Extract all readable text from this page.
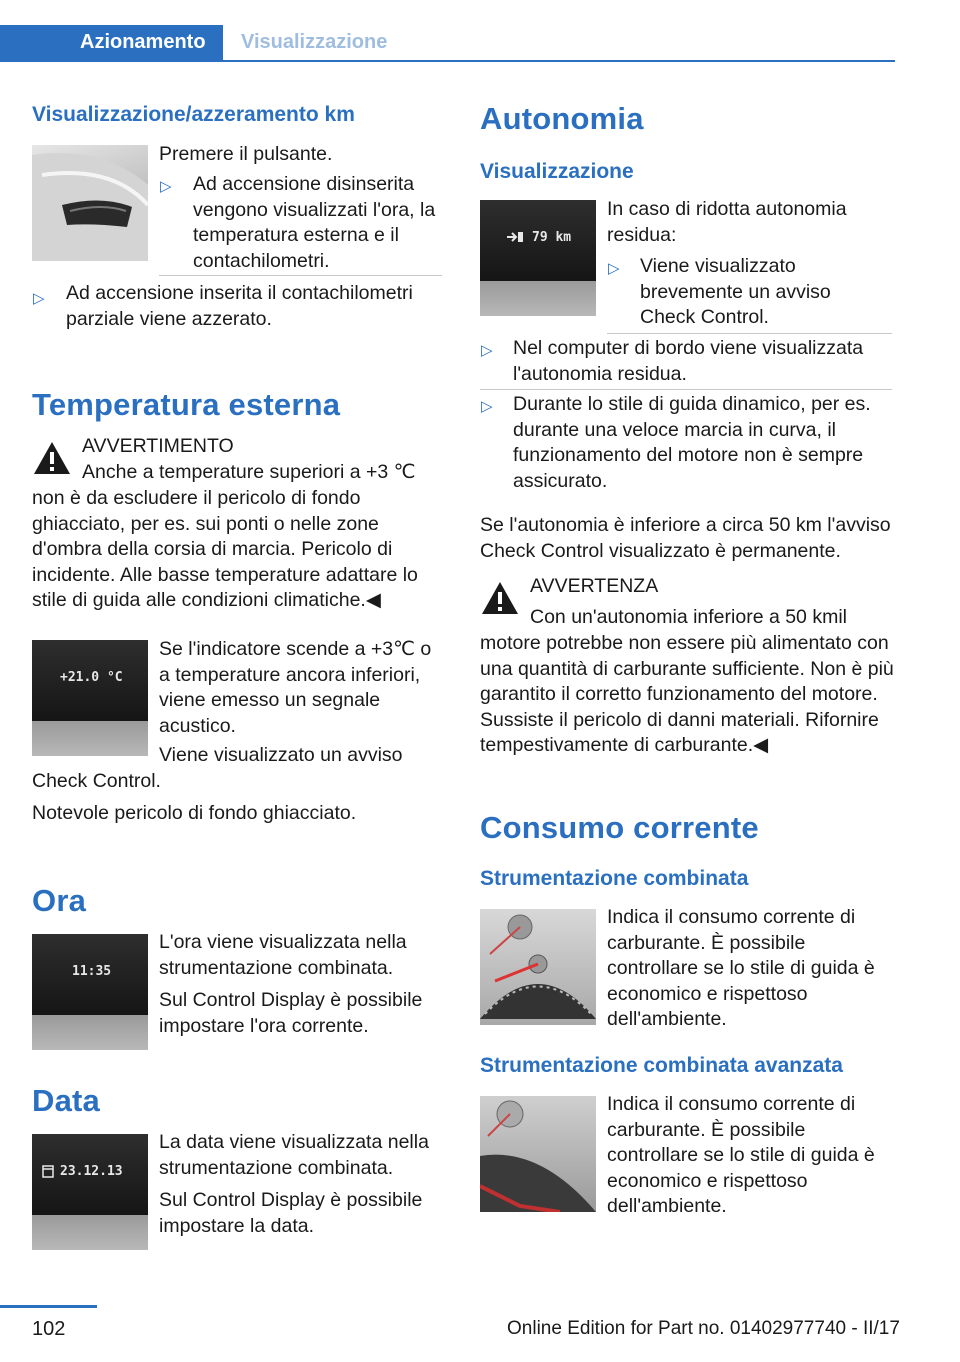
Azionamento	Visualizzazione
Visualizzazione/azzeramento km
Premere il pulsante.
▷ Ad accensione disinserita vengono visualizzati l'ora, la temperatura esterna e il contachilometri.
▷ Ad accensione inserita il contachilometri parziale viene azzerato.
Temperatura esterna
AVVERTIMENTO
Anche a temperature superiori a +3 ℃
non è da escludere il pericolo di fondo ghiacciato, per es. sui ponti o nelle zone d'ombra della corsia di marcia. Pericolo di incidente. Alle basse temperature adattare lo stile di guida alle condizioni climatiche.◀
+21.0 °C
Se l'indicatore scende a +3℃ o a temperature ancora inferiori, viene emesso un segnale acustico.
Viene visualizzato un avviso
Check Control.
Notevole pericolo di fondo ghiacciato.
Ora
11:35
L'ora viene visualizzata nella strumentazione combinata.
Sul Control Display è possibile impostare l'ora corrente.
Data
23.12.13
La data viene visualizzata nella strumentazione combinata.
Sul Control Display è possibile impostare la data.
Autonomia
Visualizzazione
79 km
In caso di ridotta autonomia residua:
▷ Viene visualizzato brevemente un avviso Check Control.
▷ Nel computer di bordo viene visualizzata l'autonomia residua.
▷ Durante lo stile di guida dinamico, per es. durante una veloce marcia in curva, il funzionamento del motore non è sempre assicurato.
Se l'autonomia è inferiore a circa 50 km l'avviso Check Control visualizzato è permanente.
AVVERTENZA
Con un'autonomia inferiore a 50 kmil
motore potrebbe non essere più alimentato con una quantità di carburante sufficiente. Non è più garantito il corretto funzionamento del motore. Sussiste il pericolo di danni materiali. Rifornire tempestivamente di carburante.◀
Consumo corrente
Strumentazione combinata
Indica il consumo corrente di carburante. È possibile controllare se lo stile di guida è economico e rispettoso dell'ambiente.
Strumentazione combinata avanzata
Indica il consumo corrente di carburante. È possibile controllare se lo stile di guida è economico e rispettoso dell'ambiente.
102	Online Edition for Part no. 01402977740 - II/17
